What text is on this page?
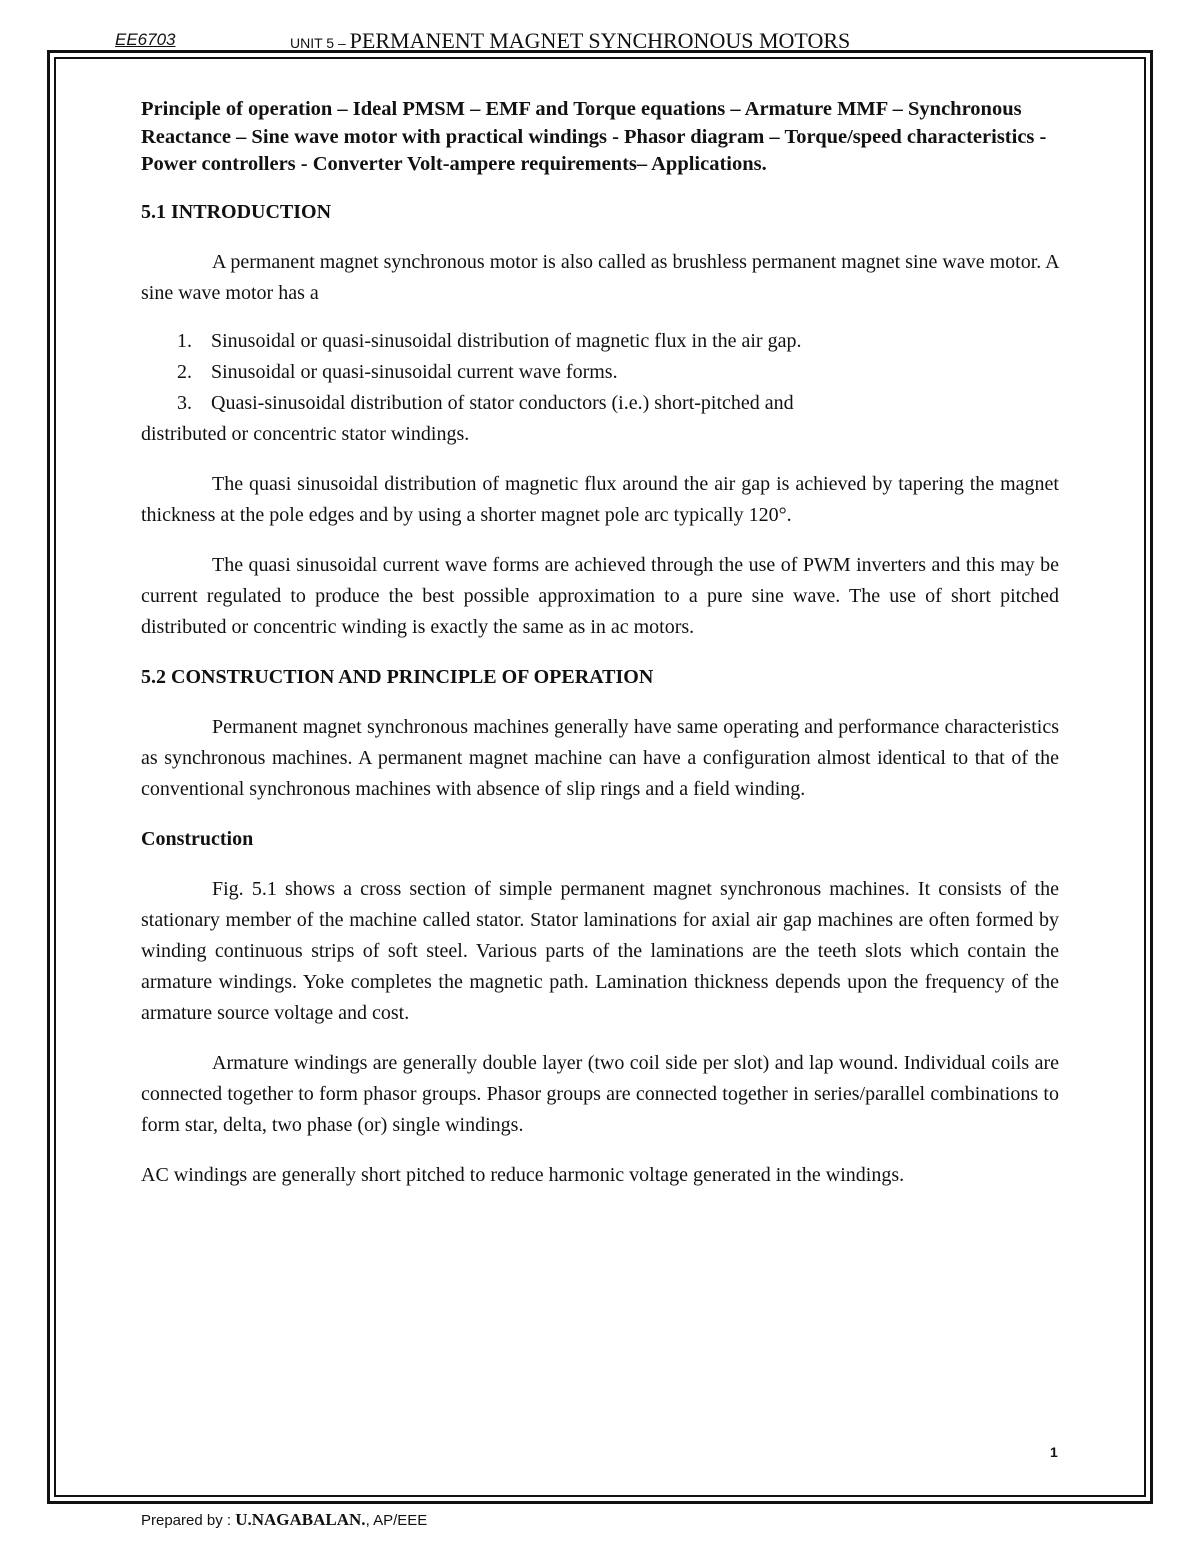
EE6703	UNIT 5 – PERMANENT MAGNET SYNCHRONOUS MOTORS

Principle of operation – Ideal PMSM – EMF and Torque equations – Armature MMF – Synchronous Reactance – Sine wave motor with practical windings - Phasor diagram – Torque/speed characteristics - Power controllers - Converter Volt-ampere requirements– Applications.

5.1 INTRODUCTION

A permanent magnet synchronous motor is also called as brushless permanent magnet sine wave motor. A sine wave motor has a

1. Sinusoidal or quasi-sinusoidal distribution of magnetic flux in the air gap.
2. Sinusoidal or quasi-sinusoidal current wave forms.
3. Quasi-sinusoidal distribution of stator conductors (i.e.) short-pitched and

distributed or concentric stator windings.

The quasi sinusoidal distribution of magnetic flux around the air gap is achieved by tapering the magnet thickness at the pole edges and by using a shorter magnet pole arc typically 120°.

The quasi sinusoidal current wave forms are achieved through the use of PWM inverters and this may be current regulated to produce the best possible approximation to a pure sine wave. The use of short pitched distributed or concentric winding is exactly the same as in ac motors.

5.2 CONSTRUCTION AND PRINCIPLE OF OPERATION

Permanent magnet synchronous machines generally have same operating and performance characteristics as synchronous machines. A permanent magnet machine can have a configuration almost identical to that of the conventional synchronous machines with absence of slip rings and a field winding.

Construction

Fig. 5.1 shows a cross section of simple permanent magnet synchronous machines. It consists of the stationary member of the machine called stator. Stator laminations for axial air gap machines are often formed by winding continuous strips of soft steel. Various parts of the laminations are the teeth slots which contain the armature windings. Yoke completes the magnetic path. Lamination thickness depends upon the frequency of the armature source voltage and cost.

Armature windings are generally double layer (two coil side per slot) and lap wound. Individual coils are connected together to form phasor groups. Phasor groups are connected together in series/parallel combinations to form star, delta, two phase (or) single windings.

AC windings are generally short pitched to reduce harmonic voltage generated in the windings.

1
Prepared by : U.NAGABALAN., AP/EEE
